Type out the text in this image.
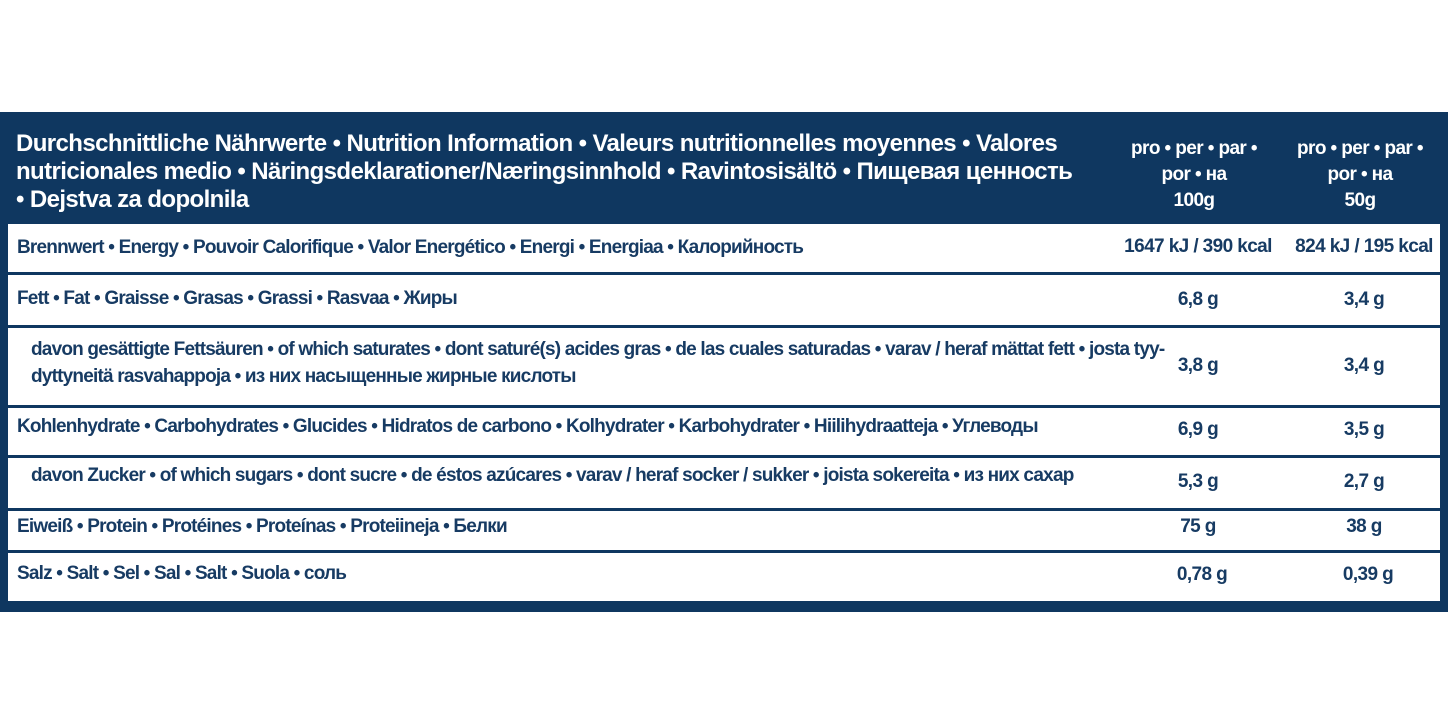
Durchschnittliche Nährwerte • Nutrition Information • Valeurs nutritionnelles moyennes • Valores
nutricionales medio • Näringsdeklarationer/Næringsinnhold • Ravintosisältö • Пищевая ценность
• Dejstva za dopolnila
pro • per • par •
por • на
100g
pro • per • par •
por • на
50g
Brennwert • Energy • Pouvoir Calorifique • Valor Energético • Energi • Energiaa • Калорийность	1647 kJ / 390 kcal	824 kJ / 195 kcal
Fett • Fat • Graisse • Grasas • Grassi • Rasvaa • Жиры	6,8 g	3,4 g
davon gesättigte Fettsäuren • of which saturates • dont saturé(s) acides gras • de las cuales saturadas • varav / heraf mättat fett • josta tyy-
dyttyneitä rasvahappoja • из них насыщенные жирные кислоты
3,8 g	3,4 g
Kohlenhydrate • Carbohydrates • Glucides • Hidratos de carbono • Kolhydrater • Karbohydrater • Hiilihydraatteja • Углеводы	6,9 g	3,5 g
davon Zucker • of which sugars • dont sucre • de éstos azúcares • varav / heraf socker / sukker • joista sokereita • из них сахар	5,3 g	2,7 g
Eiweiß • Protein • Protéines • Proteínas • Proteiineja • Белки	75 g	38 g
Salz • Salt • Sel • Sal • Salt • Suola • соль	0,78 g	0,39 g
